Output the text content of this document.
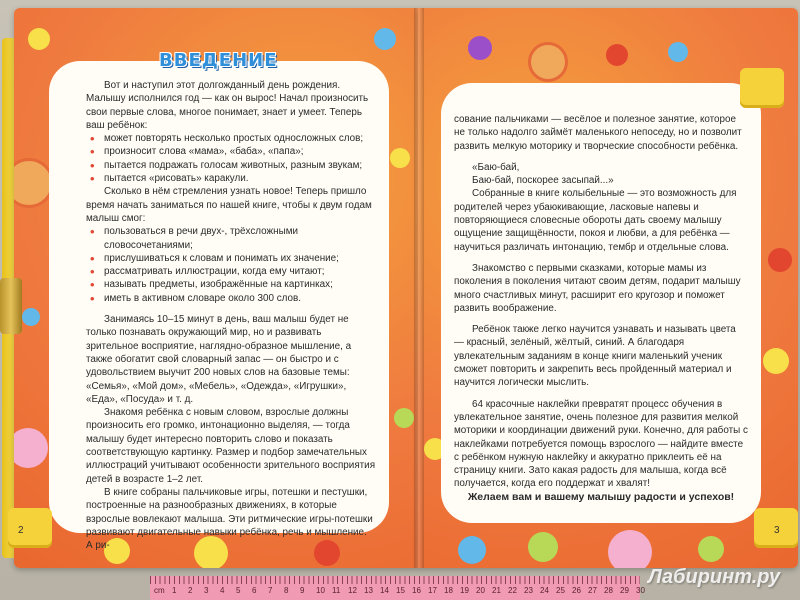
ВВЕДЕНИЕ

Вот и наступил этот долгожданный день рождения. Малышу исполнился год — как он вырос! Начал произносить свои первые слова, многое понимает, знает и умеет. Теперь ваш ребёнок:

• может повторять несколько простых односложных слов;
• произносит слова «мама», «баба», «папа»;
• пытается подражать голосам животных, разным звукам;
• пытается «рисовать» каракули.

Сколько в нём стремления узнать новое! Теперь пришло время начать заниматься по нашей книге, чтобы к двум годам малыш смог:

• пользоваться в речи двух-, трёхсложными словосочетаниями;
• прислушиваться к словам и понимать их значение;
• рассматривать иллюстрации, когда ему читают;
• называть предметы, изображённые на картинках;
• иметь в активном словаре около 300 слов.

Занимаясь 10–15 минут в день, ваш малыш будет не только познавать окружающий мир, но и развивать зрительное восприятие, наглядно-образное мышление, а также обогатит свой словарный запас — он быстро и с удовольствием выучит 200 новых слов на базовые темы: «Семья», «Мой дом», «Мебель», «Одежда», «Игрушки», «Еда», «Посуда» и т. д.

Знакомя ребёнка с новым словом, взрослые должны произносить его громко, интонационно выделяя, — тогда малышу будет интересно повторить слово и показать соответствующую картинку. Размер и подбор замечательных иллюстраций учитывают особенности зрительного восприятия детей в возрасте 1–2 лет.

В книге собраны пальчиковые игры, потешки и пестушки, построенные на разнообразных движениях, в которые взрослые вовлекают малыша. Эти ритмические игры-потешки развивают двигательные навыки ребёнка, речь и мышление. А ри-

сование пальчиками — весёлое и полезное занятие, которое не только надолго займёт маленького непоседу, но и позволит развить мелкую моторику и творческие способности ребёнка.

«Баю-бай,

Баю-бай, поскорее засыпай...»

Собранные в книге колыбельные — это возможность для родителей через убаюкивающие, ласковые напевы и повторяющиеся словесные обороты дать своему малышу ощущение защищённости, покоя и любви, а для ребёнка — научиться различать интонацию, тембр и отдельные слова.

Знакомство с первыми сказками, которые мамы из поколения в поколения читают своим детям, подарит малышу много счастливых минут, расширит его кругозор и поможет развить воображение.

Ребёнок также легко научится узнавать и называть цвета — красный, зелёный, жёлтый, синий. А благодаря увлекательным заданиям в конце книги маленький ученик сможет повторить и закрепить весь пройденный материал и научится логически мыслить.

64 красочные наклейки превратят процесс обучения в увлекательное занятие, очень полезное для развития мелкой моторики и координации движений руки. Конечно, для работы с наклейками потребуется помощь взрослого — найдите вместе с ребёнком нужную наклейку и аккуратно приклеить её на страницу книги. Зато какая радость для малыша, когда всё получается, когда его поддержат и хвалят!

Желаем вам и вашему малышу радости и успехов!

2	3
cm 1 2 3 4 5 6 7 8 9 10 11 12 13 14 15 16 17 18 19 20 21 22 23 24 25 26 27 28 29 30
Лабиринт.ру
